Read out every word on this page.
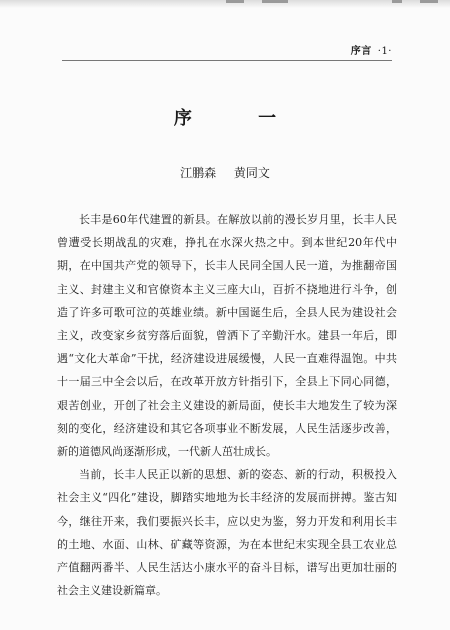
序言 ·1·
序 一
江鹏森 黄同文

长丰是60年代建置的新县。在解放以前的漫长岁月里，长丰人民曾遭受长期战乱的灾难，挣扎在水深火热之中。到本世纪20年代中期，在中国共产党的领导下，长丰人民同全国人民一道，为推翻帝国主义、封建主义和官僚资本主义三座大山，百折不挠地进行斗争，创造了许多可歌可泣的英雄业绩。新中国诞生后，全县人民为建设社会主义，改变家乡贫穷落后面貌，曾洒下了辛勤汗水。建县一年后，即遇“文化大革命”干扰，经济建设进展缓慢，人民一直难得温饱。中共十一届三中全会以后，在改革开放方针指引下，全县上下同心同德，艰苦创业，开创了社会主义建设的新局面，使长丰大地发生了较为深刻的变化，经济建设和其它各项事业不断发展，人民生活逐步改善，新的道德风尚逐渐形成，一代新人茁壮成长。

当前，长丰人民正以新的思想、新的姿态、新的行动，积极投入社会主义“四化”建设，脚踏实地地为长丰经济的发展而拼搏。鉴古知今，继往开来，我们要振兴长丰，应以史为鉴，努力开发和利用长丰的土地、水面、山林、矿藏等资源，为在本世纪末实现全县工农业总产值翻两番半、人民生活达小康水平的奋斗目标，谱写出更加壮丽的社会主义建设新篇章。
